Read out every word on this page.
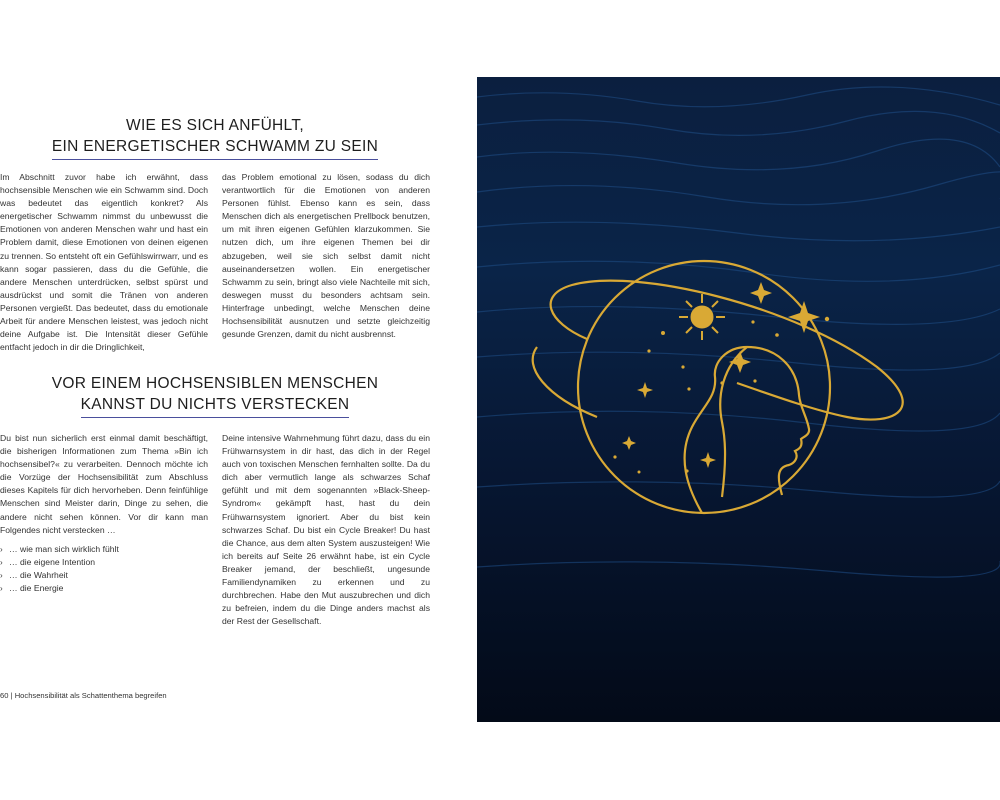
WIE ES SICH ANFÜHLT,
EIN ENERGETISCHER SCHWAMM ZU SEIN

Im Abschnitt zuvor habe ich erwähnt, dass hochsensible Menschen wie ein Schwamm sind. Doch was bedeutet das eigentlich konkret? Als energetischer Schwamm nimmst du unbewusst die Emotionen von anderen Menschen wahr und hast ein Problem damit, diese Emotionen von deinen eigenen zu trennen. So entsteht oft ein Gefühlswirrwarr, und es kann sogar passieren, dass du die Gefühle, die andere Menschen unterdrücken, selbst spürst und ausdrückst und somit die Tränen von anderen Personen vergießt. Das bedeutet, dass du emotionale Arbeit für andere Menschen leistest, was jedoch nicht deine Aufgabe ist. Die Intensität dieser Gefühle entfacht jedoch in dir die Dringlichkeit,

das Problem emotional zu lösen, sodass du dich verantwortlich für die Emotionen von anderen Personen fühlst. Ebenso kann es sein, dass Menschen dich als energetischen Prellbock benutzen, um mit ihren eigenen Gefühlen klarzukommen. Sie nutzen dich, um ihre eigenen Themen bei dir abzugeben, weil sie sich selbst damit nicht auseinandersetzen wollen. Ein energetischer Schwamm zu sein, bringt also viele Nachteile mit sich, deswegen musst du besonders achtsam sein. Hinterfrage unbedingt, welche Menschen deine Hochsensibilität ausnutzen und setzte gleichzeitig gesunde Grenzen, damit du nicht ausbrennst.

VOR EINEM HOCHSENSIBLEN MENSCHEN
KANNST DU NICHTS VERSTECKEN

Du bist nun sicherlich erst einmal damit beschäftigt, die bisherigen Informationen zum Thema »Bin ich hochsensibel?« zu verarbeiten. Dennoch möchte ich die Vorzüge der Hochsensibilität zum Abschluss dieses Kapitels für dich hervorheben. Denn feinfühlige Menschen sind Meister darin, Dinge zu sehen, die andere nicht sehen können. Vor dir kann man Folgendes nicht verstecken …

› … wie man sich wirklich fühlt
› … die eigene Intention
› … die Wahrheit
› … die Energie

Deine intensive Wahrnehmung führt dazu, dass du ein Frühwarnsystem in dir hast, das dich in der Regel auch von toxischen Menschen fernhalten sollte. Da du dich aber vermutlich lange als schwarzes Schaf gefühlt und mit dem sogenannten »Black-Sheep-Syndrom« gekämpft hast, hast du dein Frühwarnsystem ignoriert. Aber du bist kein schwarzes Schaf. Du bist ein Cycle Breaker! Du hast die Chance, aus dem alten System auszusteigen! Wie ich bereits auf Seite 26 erwähnt habe, ist ein Cycle Breaker jemand, der beschließt, ungesunde Familiendynamiken zu erkennen und zu durchbrechen. Habe den Mut auszubrechen und dich zu befreien, indem du die Dinge anders machst als der Rest der Gesellschaft.

60 | Hochsensibilität als Schattenthema begreifen
